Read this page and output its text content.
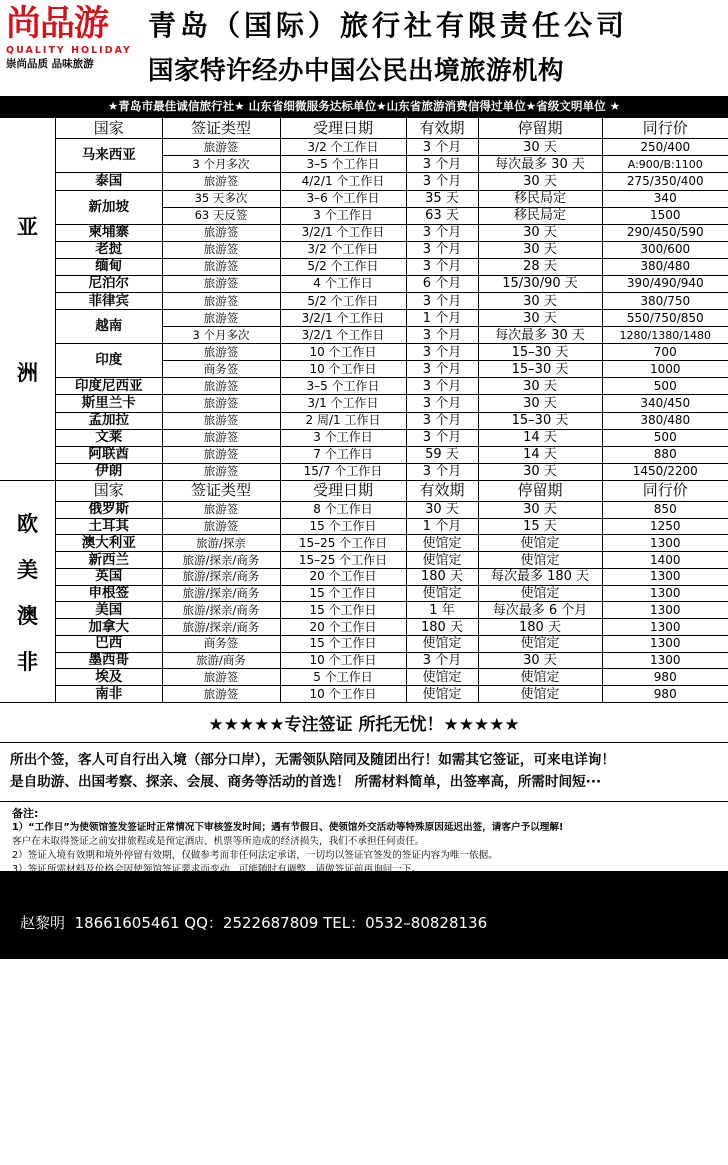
尚品游
QUALITY HOLIDAY
崇尚品质 品味旅游
青岛（国际）旅行社有限责任公司
国家特许经办中国公民出境旅游机构
★青岛市最佳诚信旅行社★ 山东省细微服务达标单位★山东省旅游消费信得过单位★省级文明单位 ★
亚
洲
国家	签证类型	受理日期	有效期	停留期	同行价
马来西亚	旅游签	3/2 个工作日	3 个月	30 天	250/400
	3 个月多次	3–5 个工作日	3 个月	每次最多 30 天	A:900/B:1100
泰国	旅游签	4/2/1 个工作日	3 个月	30 天	275/350/400
新加坡	35 天多次	3–6 个工作日	35 天	移民局定	340
	63 天反签	3 个工作日	63 天	移民局定	1500
柬埔寨	旅游签	3/2/1 个工作日	3 个月	30 天	290/450/590
老挝	旅游签	3/2 个工作日	3 个月	30 天	300/600
缅甸	旅游签	5/2 个工作日	3 个月	28 天	380/480
尼泊尔	旅游签	4 个工作日	6 个月	15/30/90 天	390/490/940
菲律宾	旅游签	5/2 个工作日	3 个月	30 天	380/750
越南	旅游签	3/2/1 个工作日	1 个月	30 天	550/750/850
	3 个月多次	3/2/1 个工作日	3 个月	每次最多 30 天	1280/1380/1480
印度	旅游签	10 个工作日	3 个月	15–30 天	700
	商务签	10 个工作日	3 个月	15–30 天	1000
印度尼西亚	旅游签	3–5 个工作日	3 个月	30 天	500
斯里兰卡	旅游签	3/1 个工作日	3 个月	30 天	340/450
孟加拉	旅游签	2 周/1 工作日	3 个月	15–30 天	380/480
文莱	旅游签	3 个工作日	3 个月	14 天	500
阿联酋	旅游签	7 个工作日	59 天	14 天	880
伊朗	旅游签	15/7 个工作日	3 个月	30 天	1450/2200
欧
美
澳
非
国家	签证类型	受理日期	有效期	停留期	同行价
俄罗斯	旅游签	8 个工作日	30 天	30 天	850
土耳其	旅游签	15 个工作日	1 个月	15 天	1250
澳大利亚	旅游/探亲	15–25 个工作日	使馆定	使馆定	1300
新西兰	旅游/探亲/商务	15–25 个工作日	使馆定	使馆定	1400
英国	旅游/探亲/商务	20 个工作日	180 天	每次最多 180 天	1300
申根签	旅游/探亲/商务	15 个工作日	使馆定	使馆定	1300
美国	旅游/探亲/商务	15 个工作日	1 年	每次最多 6 个月	1300
加拿大	旅游/探亲/商务	20 个工作日	180 天	180 天	1300
巴西	商务签	15 个工作日	使馆定	使馆定	1300
墨西哥	旅游/商务	10 个工作日	3 个月	30 天	1300
埃及	旅游签	5 个工作日	使馆定	使馆定	980
南非	旅游签	10 个工作日	使馆定	使馆定	980
★★★★★专注签证 所托无忧！★★★★★
所出个签，客人可自行出入境（部分口岸），无需领队陪同及随团出行！如需其它签证，可来电详询！
是自助游、出国考察、探亲、会展、商务等活动的首选！ 所需材料简单，出签率高，所需时间短···
备注:
1）“工作日”为使领馆签发签证时正常情况下审核签发时间；遇有节假日、使领馆外交活动等特殊原因延迟出签，请客户予以理解!
客户在未取得签证之前安排旅程或是预定酒店、机票等所造成的经济损失，我们不承担任何责任。
2）签证入境有效期和境外停留有效期，仅做参考而非任何法定承诺，一切均以签证官签发的签证内容为唯一依据。
3）签证所需材料及价格会因使领馆签证要求而变动，可能随时有调整，请做签证前再询问一下。

赵黎明  18661605461 QQ：2522687809 TEL：0532–80828136

MSN：zh182000@hotmail.com

负责人：谷明月  18605325563    QQ：331529056       TEL：0532–83878075

MSN：my13305429522@hotmail.com
